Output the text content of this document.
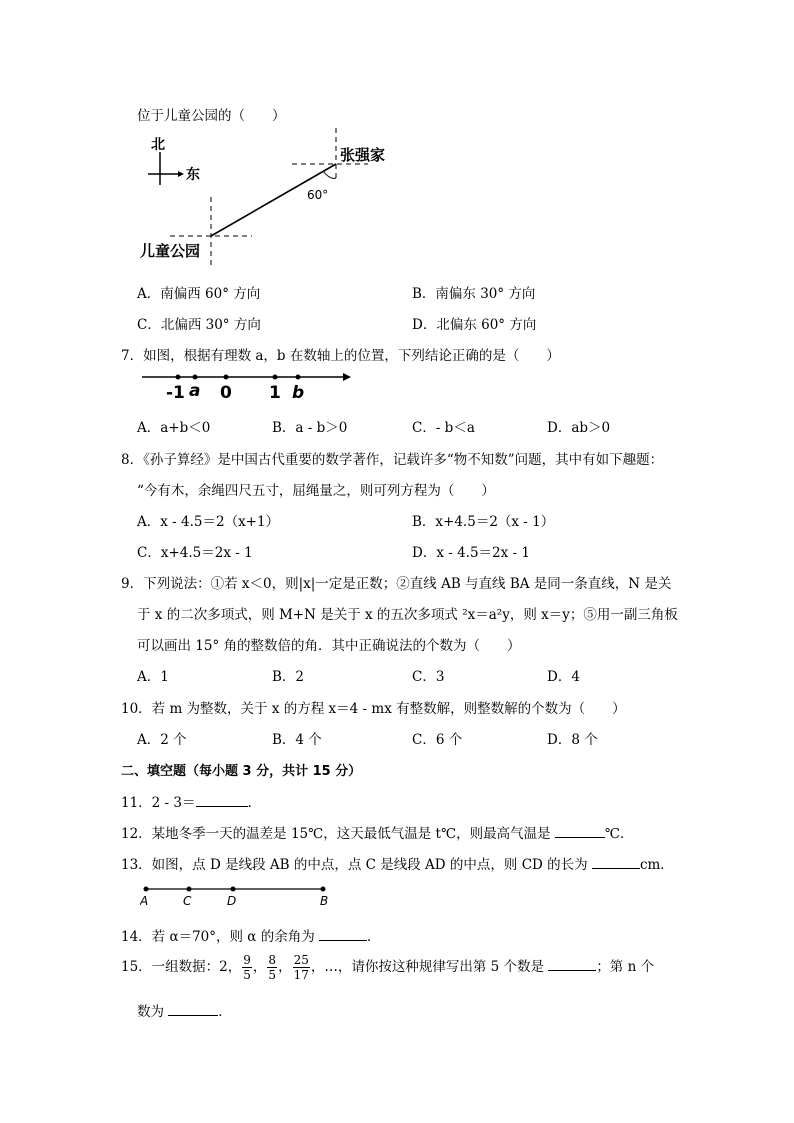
位于儿童公园的（　　）
北
东
60°
张强家
儿童公园
A．南偏西 60° 方向	B．南偏东 30° 方向
C．北偏西 30° 方向	D．北偏东 60° 方向
7．如图，根据有理数 a，b 在数轴上的位置，下列结论正确的是（　　）
-1 a 0 1 b
A．a+b＜0	B．a - b＞0	C．- b＜a	D．ab＞0
8．《孙子算经》是中国古代重要的数学著作，记载许多“物不知数”问题，其中有如下趣题：
“今有木，余绳四尺五寸，屈绳量之，则可列方程为（　　）
A．x - 4.5＝2（x+1）	B．x+4.5＝2（x - 1）
C．x+4.5＝2x - 1	D．x - 4.5＝2x - 1
9．下列说法：①若 x＜0，则|x|一定是正数；②直线 AB 与直线 BA 是同一条直线，N 是关
于 x 的二次多项式，则 M+N 是关于 x 的五次多项式 ²x＝a²y，则 x＝y；⑤用一副三角板
可以画出 15° 角的整数倍的角．其中正确说法的个数为（　　）
A．1	B．2	C．3	D．4
10．若 m 为整数，关于 x 的方程 x＝4 - mx 有整数解，则整数解的个数为（　　）
A．2 个	B．4 个	C．6 个	D．8 个
二、填空题（每小题 3 分，共计 15 分）
11．2 - 3＝	．
12．某地冬季一天的温差是 15℃，这天最低气温是 t℃，则最高气温是	℃．
13．如图，点 D 是线段 AB 的中点，点 C 是线段 AD 的中点，则 CD 的长为	cm．
A	C	D	B
14．若 α＝70°，则 α 的余角为	．
15．一组数据：2， $\frac{9}{5}$ ， $\frac{8}{5}$ ， $\frac{25}{17}$ ，…，请你按这种规律写出第 5 个数是	；第 n 个
数为	．
